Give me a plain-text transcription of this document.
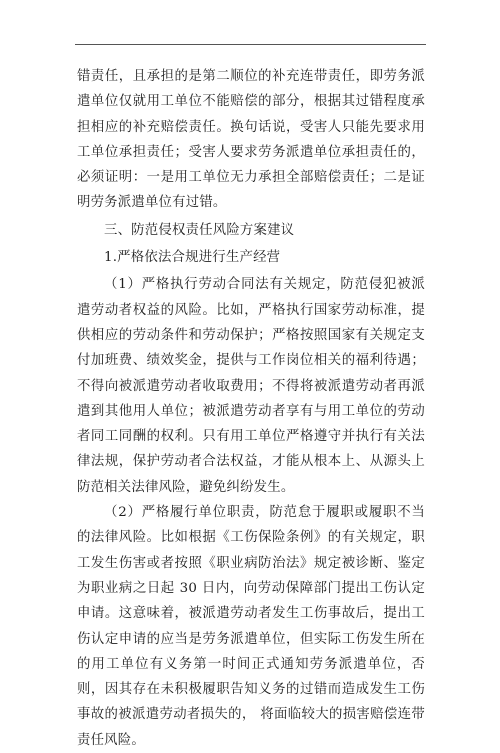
错责任，且承担的是第二顺位的补充连带责任，即劳务派遣单位仅就用工单位不能赔偿的部分，根据其过错程度承担相应的补充赔偿责任。换句话说，受害人只能先要求用工单位承担责任；受害人要求劳务派遣单位承担责任的，必须证明：一是用工单位无力承担全部赔偿责任；二是证明劳务派遣单位有过错。

三、防范侵权责任风险方案建议

1.严格依法合规进行生产经营

（1）严格执行劳动合同法有关规定，防范侵犯被派遣劳动者权益的风险。比如，严格执行国家劳动标准，提供相应的劳动条件和劳动保护；严格按照国家有关规定支付加班费、绩效奖金，提供与工作岗位相关的福利待遇；不得向被派遣劳动者收取费用；不得将被派遣劳动者再派遣到其他用人单位；被派遣劳动者享有与用工单位的劳动者同工同酬的权利。只有用工单位严格遵守并执行有关法律法规，保护劳动者合法权益，才能从根本上、从源头上防范相关法律风险，避免纠纷发生。

（2）严格履行单位职责，防范怠于履职或履职不当的法律风险。比如根据《工伤保险条例》的有关规定，职工发生伤害或者按照《职业病防治法》规定被诊断、鉴定为职业病之日起 30 日内，向劳动保障部门提出工伤认定申请。这意味着，被派遣劳动者发生工伤事故后，提出工伤认定申请的应当是劳务派遣单位，但实际工伤发生所在的用工单位有义务第一时间正式通知劳务派遣单位，否则，因其存在未积极履职告知义务的过错而造成发生工伤事故的被派遣劳动者损失的， 将面临较大的损害赔偿连带责任风险。
